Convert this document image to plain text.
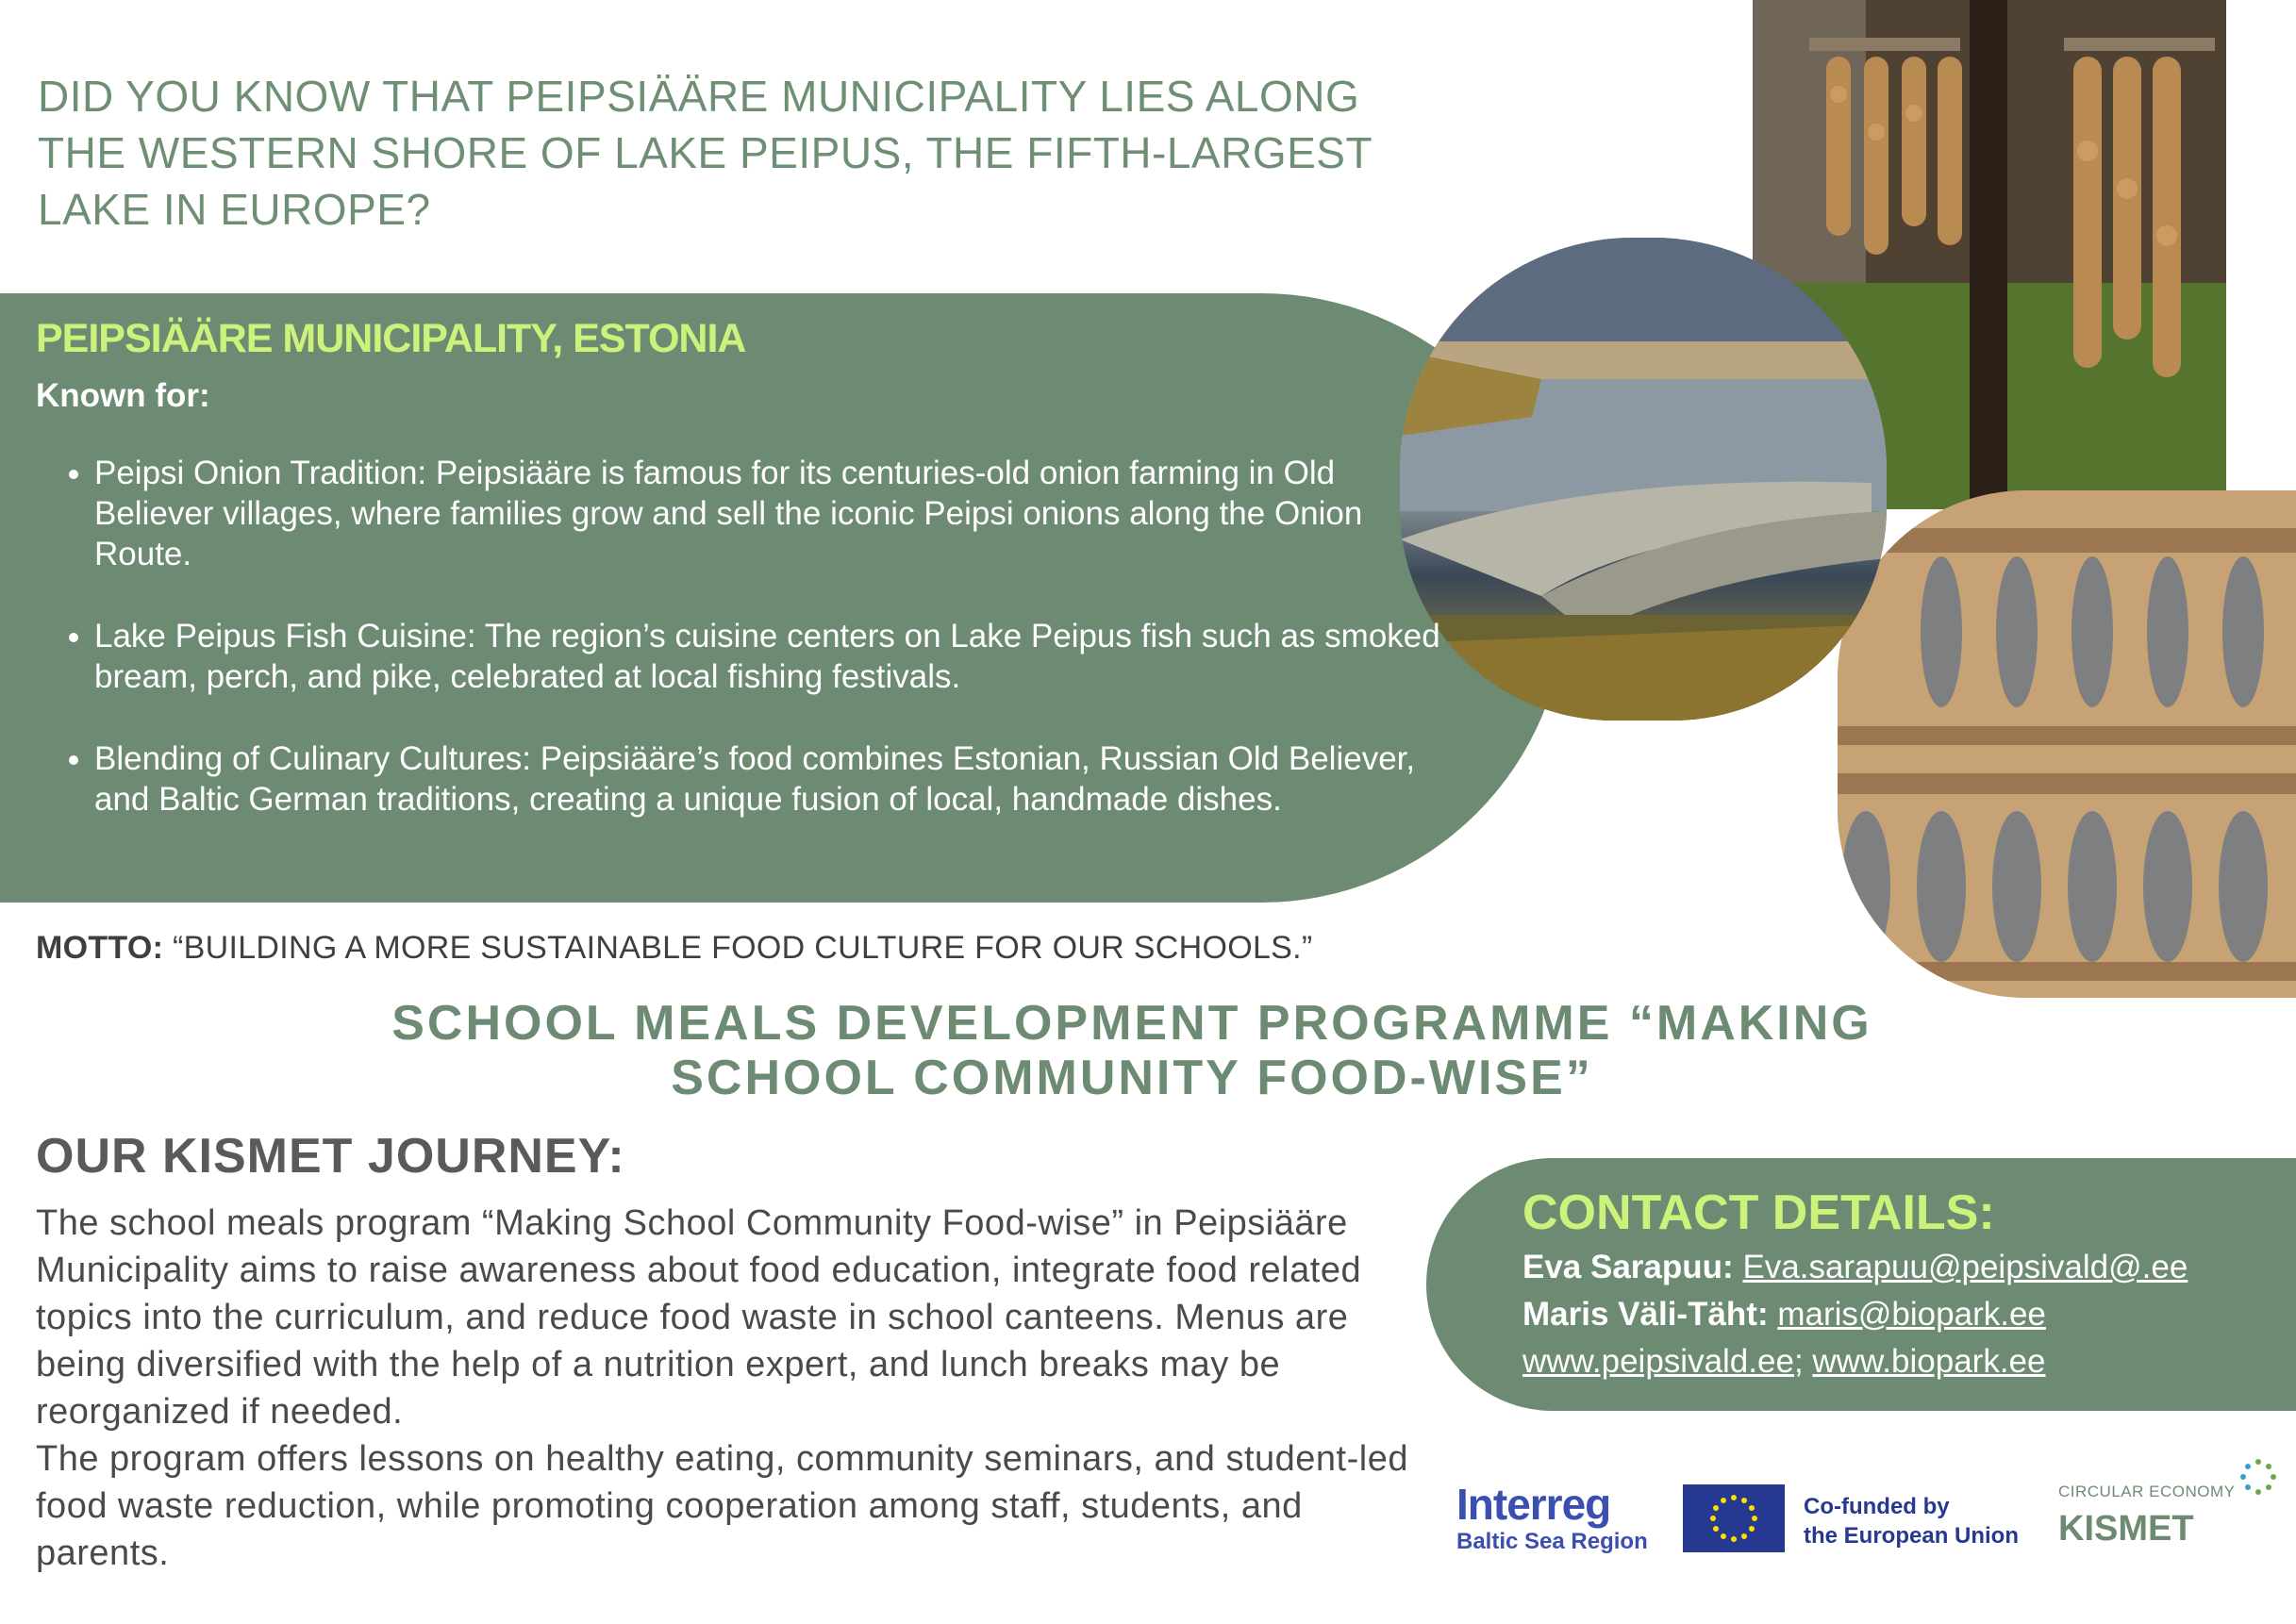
DID YOU KNOW THAT PEIPSIÄÄRE MUNICIPALITY LIES ALONG THE WESTERN SHORE OF LAKE PEIPUS, THE FIFTH-LARGEST LAKE IN EUROPE?
PEIPSIÄÄRE MUNICIPALITY, ESTONIA
Known for:
• Peipsi Onion Tradition: Peipsiääre is famous for its centuries-old onion farming in Old Believer villages, where families grow and sell the iconic Peipsi onions along the Onion Route.
• Lake Peipus Fish Cuisine: The region’s cuisine centers on Lake Peipus fish such as smoked bream, perch, and pike, celebrated at local fishing festivals.
• Blending of Culinary Cultures: Peipsiääre’s food combines Estonian, Russian Old Believer, and Baltic German traditions, creating a unique fusion of local, handmade dishes.
MOTTO: “BUILDING A MORE SUSTAINABLE FOOD CULTURE FOR OUR SCHOOLS.”
SCHOOL MEALS DEVELOPMENT PROGRAMME “MAKING SCHOOL COMMUNITY FOOD-WISE”
OUR KISMET JOURNEY:

The school meals program “Making School Community Food-wise” in Peipsiääre Municipality aims to raise awareness about food education, integrate food related topics into the curriculum, and reduce food waste in school canteens. Menus are being diversified with the help of a nutrition expert, and lunch breaks may be reorganized if needed.

The program offers lessons on healthy eating, community seminars, and student-led food waste reduction, while promoting cooperation among staff, students, and parents.

CONTACT DETAILS:
Eva Sarapuu: Eva.sarapuu@peipsivald@.ee
Maris Väli-Täht: maris@biopark.ee
www.peipsivald.ee; www.biopark.ee
Interreg
Baltic Sea Region
Co-funded by
the European Union
CIRCULAR ECONOMY
KISMET
